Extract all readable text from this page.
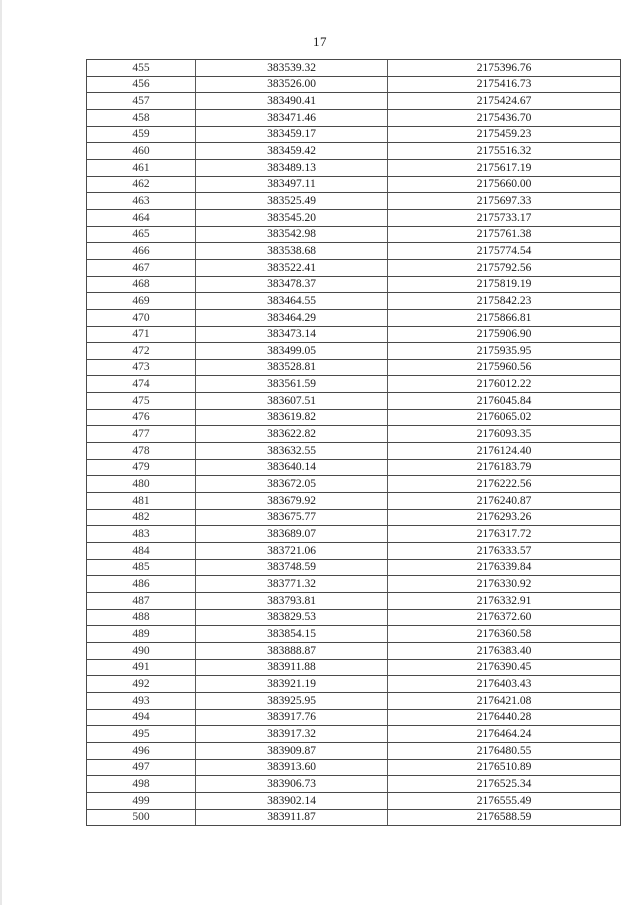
17
455	383539.32	2175396.76
456	383526.00	2175416.73
457	383490.41	2175424.67
458	383471.46	2175436.70
459	383459.17	2175459.23
460	383459.42	2175516.32
461	383489.13	2175617.19
462	383497.11	2175660.00
463	383525.49	2175697.33
464	383545.20	2175733.17
465	383542.98	2175761.38
466	383538.68	2175774.54
467	383522.41	2175792.56
468	383478.37	2175819.19
469	383464.55	2175842.23
470	383464.29	2175866.81
471	383473.14	2175906.90
472	383499.05	2175935.95
473	383528.81	2175960.56
474	383561.59	2176012.22
475	383607.51	2176045.84
476	383619.82	2176065.02
477	383622.82	2176093.35
478	383632.55	2176124.40
479	383640.14	2176183.79
480	383672.05	2176222.56
481	383679.92	2176240.87
482	383675.77	2176293.26
483	383689.07	2176317.72
484	383721.06	2176333.57
485	383748.59	2176339.84
486	383771.32	2176330.92
487	383793.81	2176332.91
488	383829.53	2176372.60
489	383854.15	2176360.58
490	383888.87	2176383.40
491	383911.88	2176390.45
492	383921.19	2176403.43
493	383925.95	2176421.08
494	383917.76	2176440.28
495	383917.32	2176464.24
496	383909.87	2176480.55
497	383913.60	2176510.89
498	383906.73	2176525.34
499	383902.14	2176555.49
500	383911.87	2176588.59
